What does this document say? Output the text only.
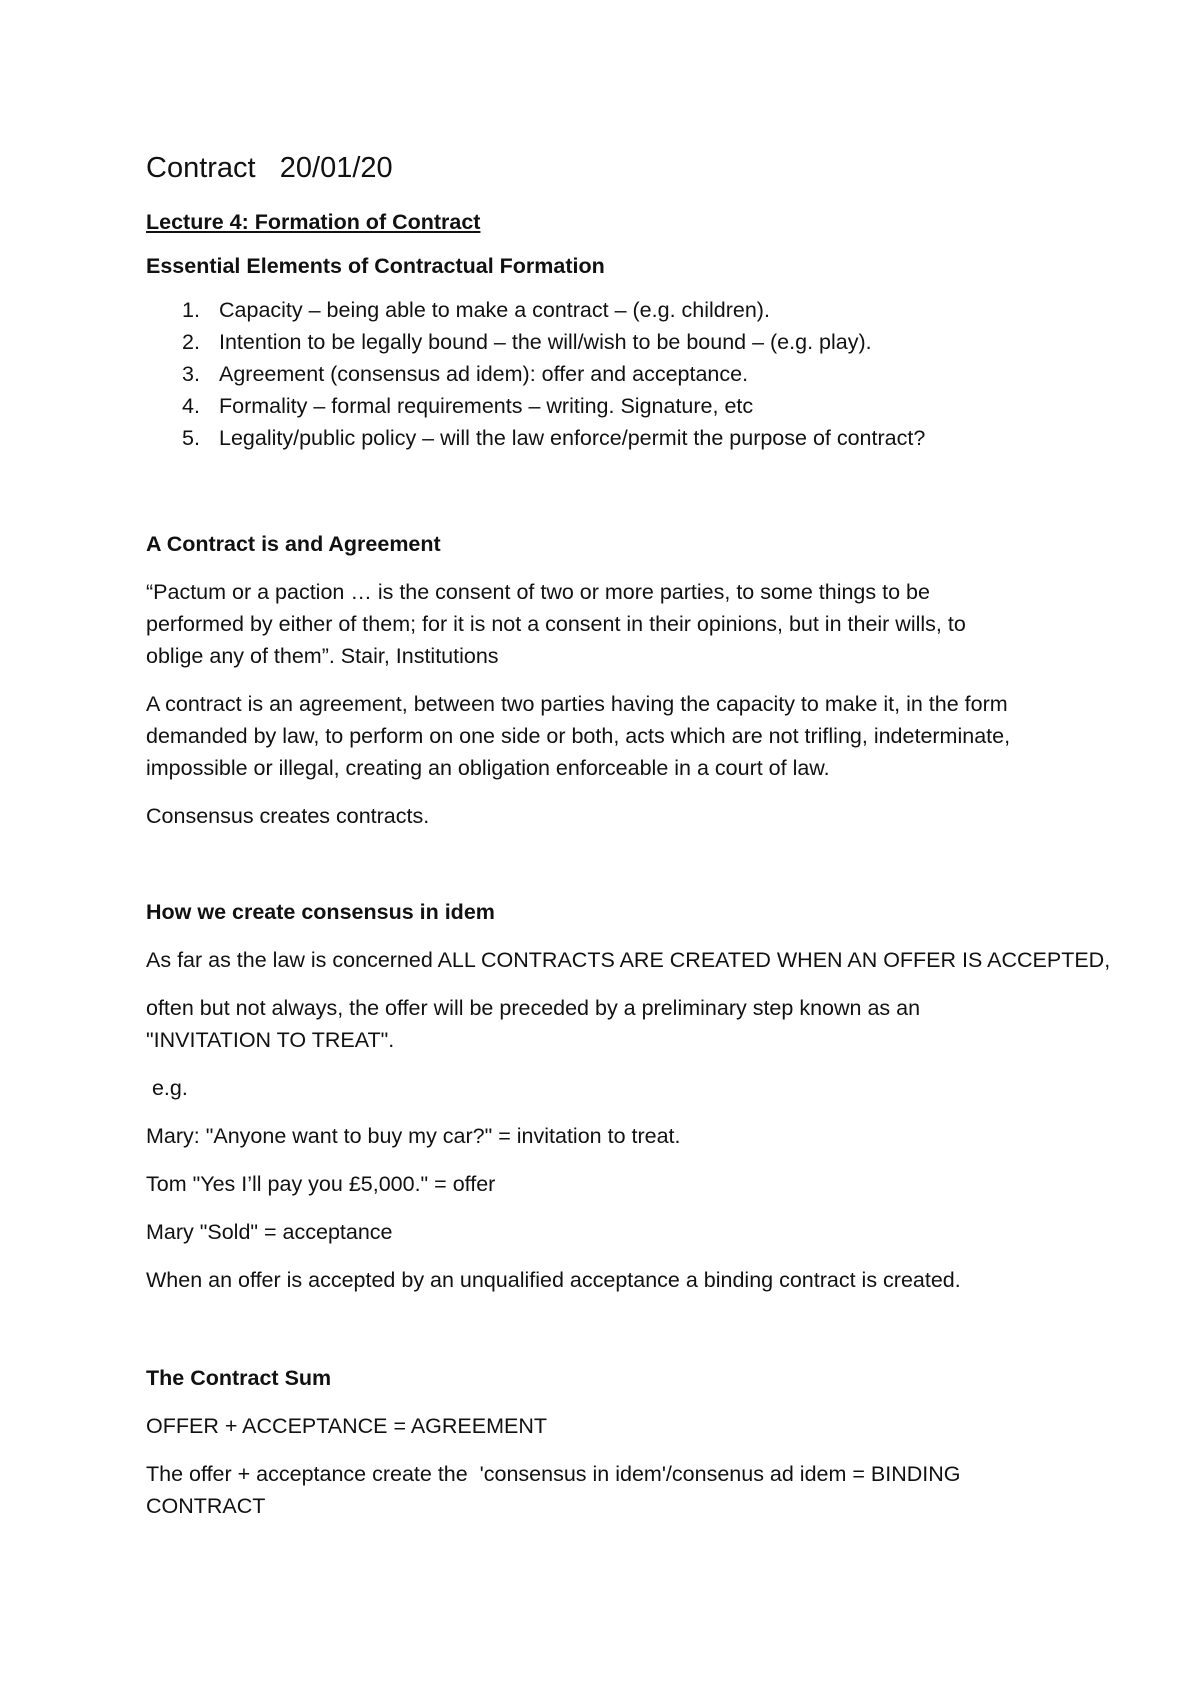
Contract   20/01/20

Lecture 4: Formation of Contract

Essential Elements of Contractual Formation

1. Capacity – being able to make a contract – (e.g. children).
2. Intention to be legally bound – the will/wish to be bound – (e.g. play).
3. Agreement (consensus ad idem): offer and acceptance.
4. Formality – formal requirements – writing. Signature, etc
5. Legality/public policy – will the law enforce/permit the purpose of contract?

A Contract is and Agreement

“Pactum or a paction … is the consent of two or more parties, to some things to be

performed by either of them; for it is not a consent in their opinions, but in their wills, to

oblige any of them”. Stair, Institutions

A contract is an agreement, between two parties having the capacity to make it, in the form

demanded by law, to perform on one side or both, acts which are not trifling, indeterminate,

impossible or illegal, creating an obligation enforceable in a court of law.

Consensus creates contracts.

How we create consensus in idem

As far as the law is concerned ALL CONTRACTS ARE CREATED WHEN AN OFFER IS ACCEPTED,

often but not always, the offer will be preceded by a preliminary step known as an

"INVITATION TO TREAT".

e.g.

Mary: "Anyone want to buy my car?" = invitation to treat.

Tom "Yes I’ll pay you £5,000." = offer

Mary "Sold" = acceptance

When an offer is accepted by an unqualified acceptance a binding contract is created.

The Contract Sum

OFFER + ACCEPTANCE = AGREEMENT

The offer + acceptance create the  'consensus in idem'/consenus ad idem = BINDING

CONTRACT
